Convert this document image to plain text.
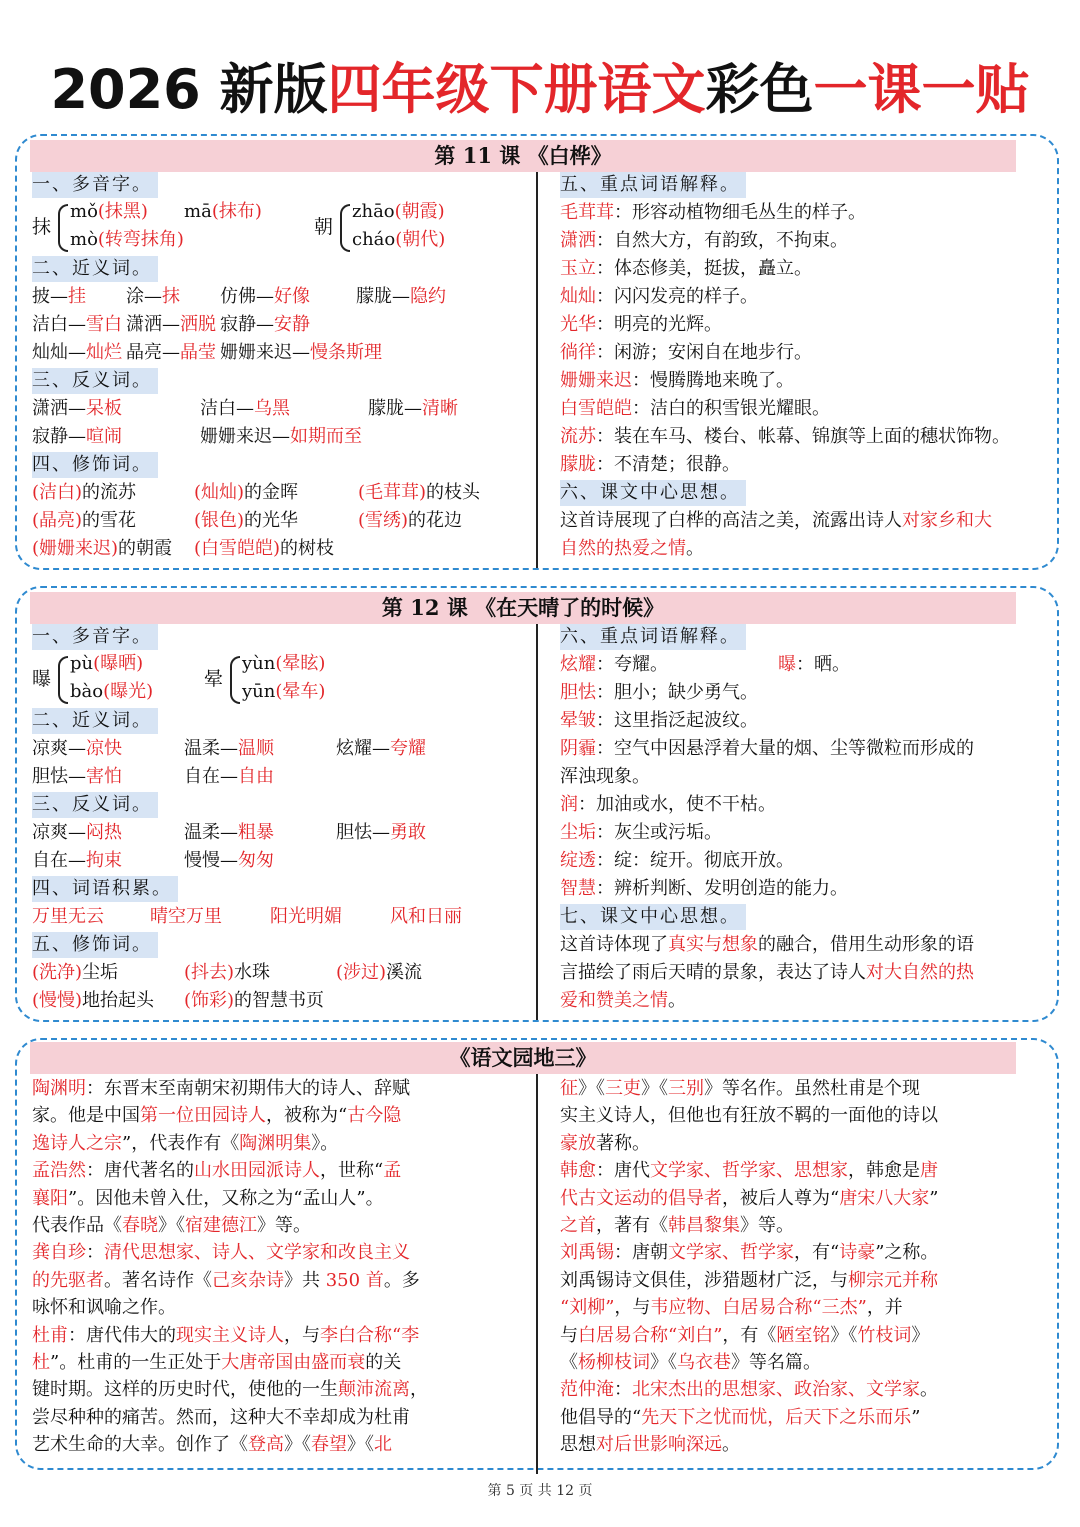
2026 新版四年级下册语文彩色一课一贴
第 11 课 《白桦》
一、多音字。
抹
mǒ(抹黑) mā(抹布)
mò(转弯抹角)
朝
zhāo(朝霞)
cháo(朝代)
二、近义词。
披—挂 涂—抹 仿佛—好像	朦胧—隐约
洁白—雪白 潇洒—洒脱 寂静—安静
灿灿—灿烂 晶亮—晶莹 姗姗来迟—慢条斯理
三、反义词。
潇洒—呆板	洁白—乌黑	朦胧—清晰
寂静—喧闹	姗姗来迟—如期而至
四、修饰词。
(洁白)的流苏	(灿灿)的金晖	(毛茸茸)的枝头
(晶亮)的雪花	(银色)的光华	(雪绣)的花边
(姗姗来迟)的朝霞 (白雪皑皑)的树枝
五、重点词语解释。
毛茸茸：形容动植物细毛丛生的样子。
潇洒：自然大方，有韵致，不拘束。
玉立：体态修美，挺拔，矗立。
灿灿：闪闪发亮的样子。
光华：明亮的光辉。
徜徉：闲游；安闲自在地步行。
姗姗来迟：慢腾腾地来晚了。
白雪皑皑：洁白的积雪银光耀眼。
流苏：装在车马、楼台、帐幕、锦旗等上面的穗状饰物。
朦胧：不清楚；很静。
六、课文中心思想。
这首诗展现了白桦的高洁之美，流露出诗人对家乡和大
自然的热爱之情。
第 12 课 《在天晴了的时候》
一、多音字。
曝
pù(曝晒)
bào(曝光)
晕
yùn(晕眩)
yūn(晕车)
二、近义词。
凉爽—凉快	温柔—温顺	炫耀—夸耀
胆怯—害怕	自在—自由
三、反义词。
凉爽—闷热	温柔—粗暴	胆怯—勇敢
自在—拘束	慢慢—匆匆
四、词语积累。
万里无云	晴空万里	阳光明媚	风和日丽
五、修饰词。
(洗净)尘垢	(抖去)水珠	(涉过)溪流
(慢慢)地抬起头 (饰彩)的智慧书页
六、重点词语解释。
炫耀：夸耀。	曝：晒。
胆怯：胆小；缺少勇气。
晕皱：这里指泛起波纹。
阴霾：空气中因悬浮着大量的烟、尘等微粒而形成的
浑浊现象。
润：加油或水，使不干枯。
尘垢：灰尘或污垢。
绽透：绽：绽开。彻底开放。
智慧：辨析判断、发明创造的能力。
七、课文中心思想。
这首诗体现了真实与想象的融合，借用生动形象的语
言描绘了雨后天晴的景象，表达了诗人对大自然的热
爱和赞美之情。
《语文园地三》
陶渊明：东晋末至南朝宋初期伟大的诗人、辞赋
家。他是中国第一位田园诗人，被称为“古今隐
逸诗人之宗”，代表作有《陶渊明集》。
孟浩然：唐代著名的山水田园派诗人，世称“孟
襄阳”。因他未曾入仕，又称之为“孟山人”。
代表作品《春晓》《宿建德江》等。
龚自珍：清代思想家、诗人、文学家和改良主义
的先驱者。著名诗作《己亥杂诗》共 350 首。多
咏怀和讽喻之作。
杜甫：唐代伟大的现实主义诗人，与李白合称“李
杜”。杜甫的一生正处于大唐帝国由盛而衰的关
键时期。这样的历史时代，使他的一生颠沛流离，
尝尽种种的痛苦。然而，这种大不幸却成为杜甫
艺术生命的大幸。创作了《登高》《春望》《北
征》《三吏》《三别》等名作。虽然杜甫是个现
实主义诗人，但他也有狂放不羁的一面他的诗以
豪放著称。
韩愈：唐代文学家、哲学家、思想家，韩愈是唐
代古文运动的倡导者，被后人尊为“唐宋八大家”
之首，著有《韩昌黎集》等。
刘禹锡：唐朝文学家、哲学家，有“诗豪”之称。
刘禹锡诗文俱佳，涉猎题材广泛，与柳宗元并称
“刘柳”，与韦应物、白居易合称“三杰”，并
与白居易合称“刘白”，有《陋室铭》《竹枝词》
《杨柳枝词》《乌衣巷》等名篇。
范仲淹：北宋杰出的思想家、政治家、文学家。
他倡导的“先天下之忧而忧，后天下之乐而乐”
思想对后世影响深远。
第 5 页 共 12 页
